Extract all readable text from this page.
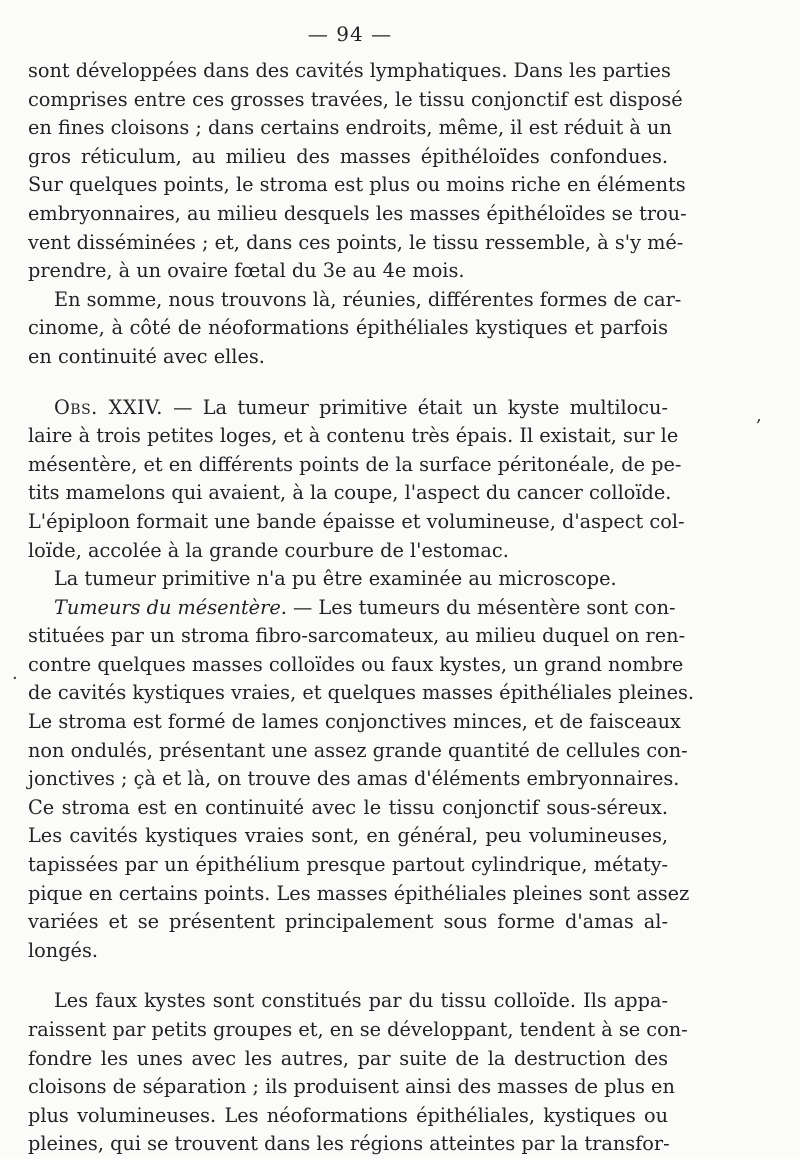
— 94 —
,
·
sont développées dans des cavités lymphatiques. Dans les parties
comprises entre ces grosses travées, le tissu conjonctif est disposé
en fines cloisons ; dans certains endroits, même, il est réduit à un
gros réticulum, au milieu des masses épithéloïdes confondues.
Sur quelques points, le stroma est plus ou moins riche en éléments
embryonnaires, au milieu desquels les masses épithéloïdes se trou-
vent disséminées ; et, dans ces points, le tissu ressemble, à s'y mé-
prendre, à un ovaire fœtal du 3e au 4e mois.
En somme, nous trouvons là, réunies, différentes formes de car-
cinome, à côté de néoformations épithéliales kystiques et parfois
en continuité avec elles.
Obs. XXIV. — La tumeur primitive était un kyste multilocu-
laire à trois petites loges, et à contenu très épais. Il existait, sur le
mésentère, et en différents points de la surface péritonéale, de pe-
tits mamelons qui avaient, à la coupe, l'aspect du cancer colloïde.
L'épiploon formait une bande épaisse et volumineuse, d'aspect col-
loïde, accolée à la grande courbure de l'estomac.
La tumeur primitive n'a pu être examinée au microscope.
Tumeurs du mésentère. — Les tumeurs du mésentère sont con-
stituées par un stroma fibro-sarcomateux, au milieu duquel on ren-
contre quelques masses colloïdes ou faux kystes, un grand nombre
de cavités kystiques vraies, et quelques masses épithéliales pleines.
Le stroma est formé de lames conjonctives minces, et de faisceaux
non ondulés, présentant une assez grande quantité de cellules con-
jonctives ; çà et là, on trouve des amas d'éléments embryonnaires.
Ce stroma est en continuité avec le tissu conjonctif sous-séreux.
Les cavités kystiques vraies sont, en général, peu volumineuses,
tapissées par un épithélium presque partout cylindrique, métaty-
pique en certains points. Les masses épithéliales pleines sont assez
variées et se présentent principalement sous forme d'amas al-
longés.
Les faux kystes sont constitués par du tissu colloïde. Ils appa-
raissent par petits groupes et, en se développant, tendent à se con-
fondre les unes avec les autres, par suite de la destruction des
cloisons de séparation ; ils produisent ainsi des masses de plus en
plus volumineuses. Les néoformations épithéliales, kystiques ou
pleines, qui se trouvent dans les régions atteintes par la transfor-
